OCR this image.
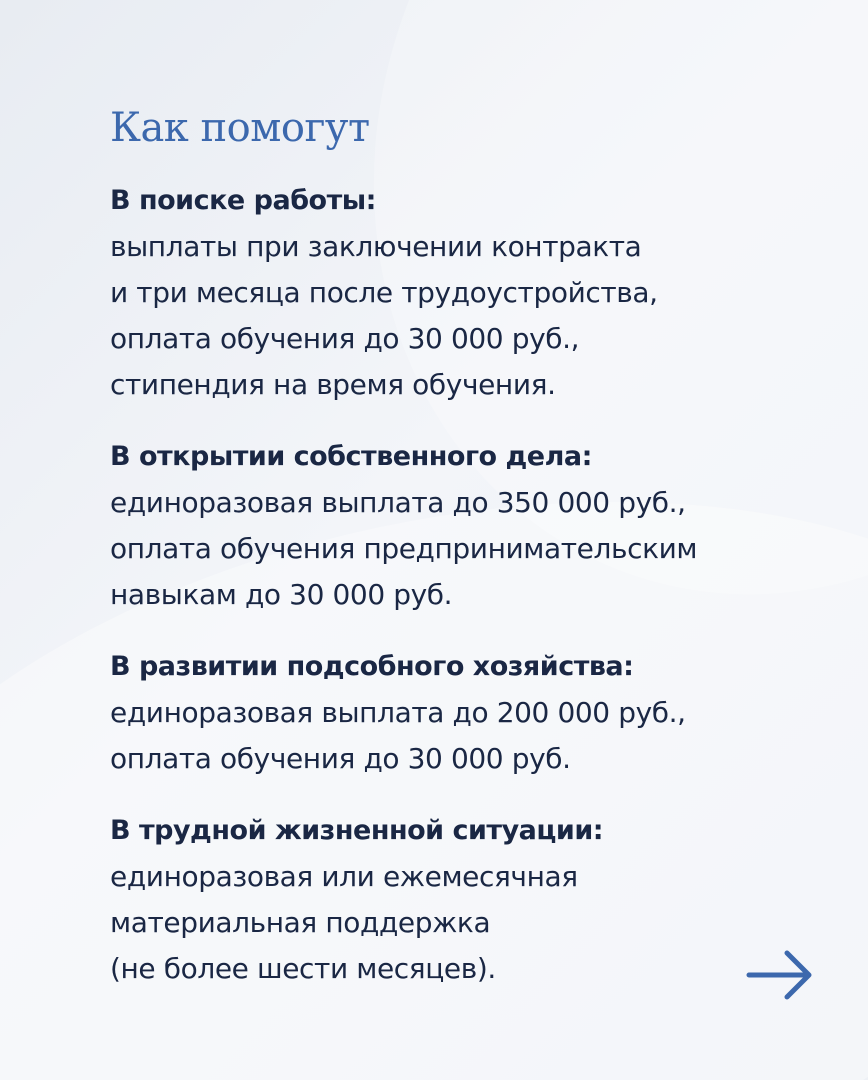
Как помогут
В поиске работы:
выплаты при заключении контракта
и три месяца после трудоустройства,
оплата обучения до 30 000 руб.,
стипендия на время обучения.
В открытии собственного дела:
единоразовая выплата до 350 000 руб.,
оплата обучения предпринимательским
навыкам до 30 000 руб.
В развитии подсобного хозяйства:
единоразовая выплата до 200 000 руб.,
оплата обучения до 30 000 руб.
В трудной жизненной ситуации:
единоразовая или ежемесячная
материальная поддержка
(не более шести месяцев).
